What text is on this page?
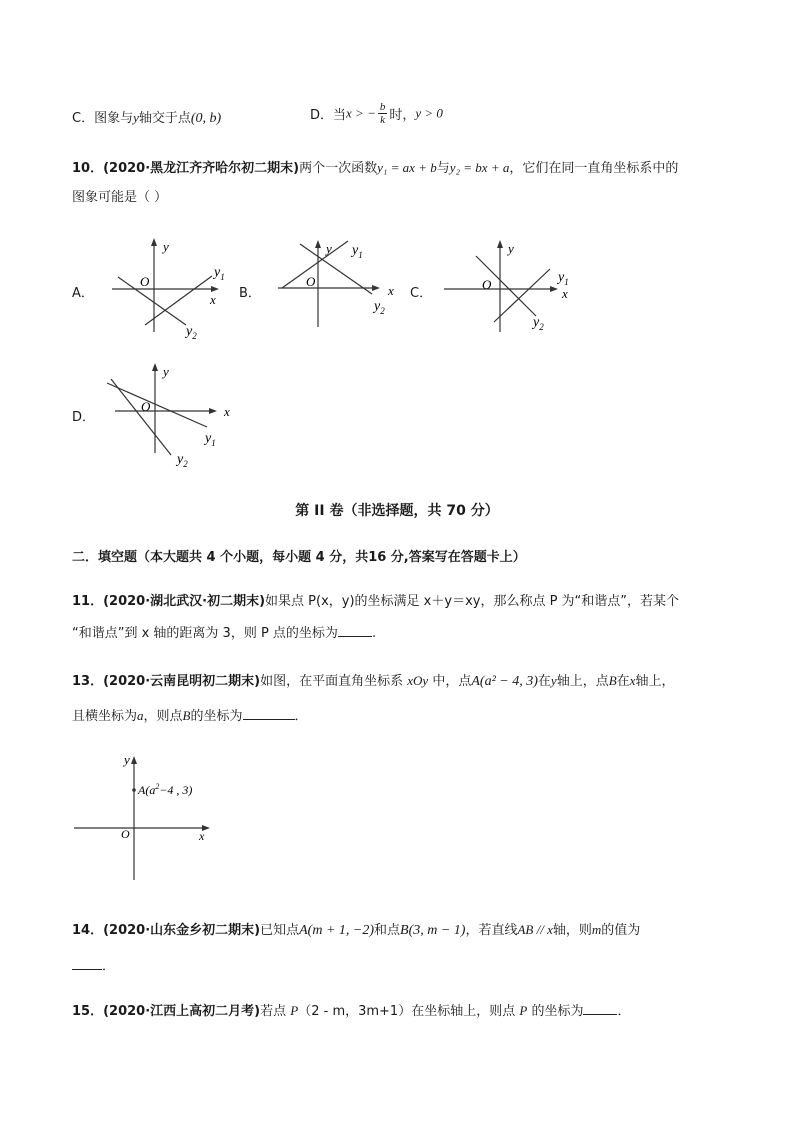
C．图象与y轴交于点(0, b)	D．当x > − $\frac{b}{k}$ 时，y > 0
10．(2020·黑龙江齐齐哈尔初二期末)两个一次函数y₁ = ax + b与y₂ = bx + a，它们在同一直角坐标系中的
图象可能是（ ）
A．
y
O
x
$y_1$
$y_2$
B．
y
O
x
$y_1$
$y_2$
C．
y
O
x
$y_1$
$y_2$
D．
y
O	x
$y_1$
$y_2$
第 II 卷（非选择题，共 70 分）
二．填空题（本大题共 4 个小题，每小题 4 分，共16 分,答案写在答题卡上）
11．(2020·湖北武汉·初二期末)如果点 P(x，y)的坐标满足 x＋y＝xy，那么称点 P 为“和谐点”，若某个
“和谐点”到 x 轴的距离为 3，则 P 点的坐标为	.
13．(2020·云南昆明初二期末)如图，在平面直角坐标系 xOy 中，点A(a² − 4, 3)在y轴上，点B在x轴上，
且横坐标为a，则点B的坐标为	．
y
O	x
$A(a^2-4$ , 3)
14．(2020·山东金乡初二期末)已知点A(m + 1, −2)和点B(3, m − 1)，若直线AB // x轴，则m的值为
．
15．(2020·江西上高初二月考)若点 P（2 - m，3m+1）在坐标轴上，则点 P 的坐标为	．
